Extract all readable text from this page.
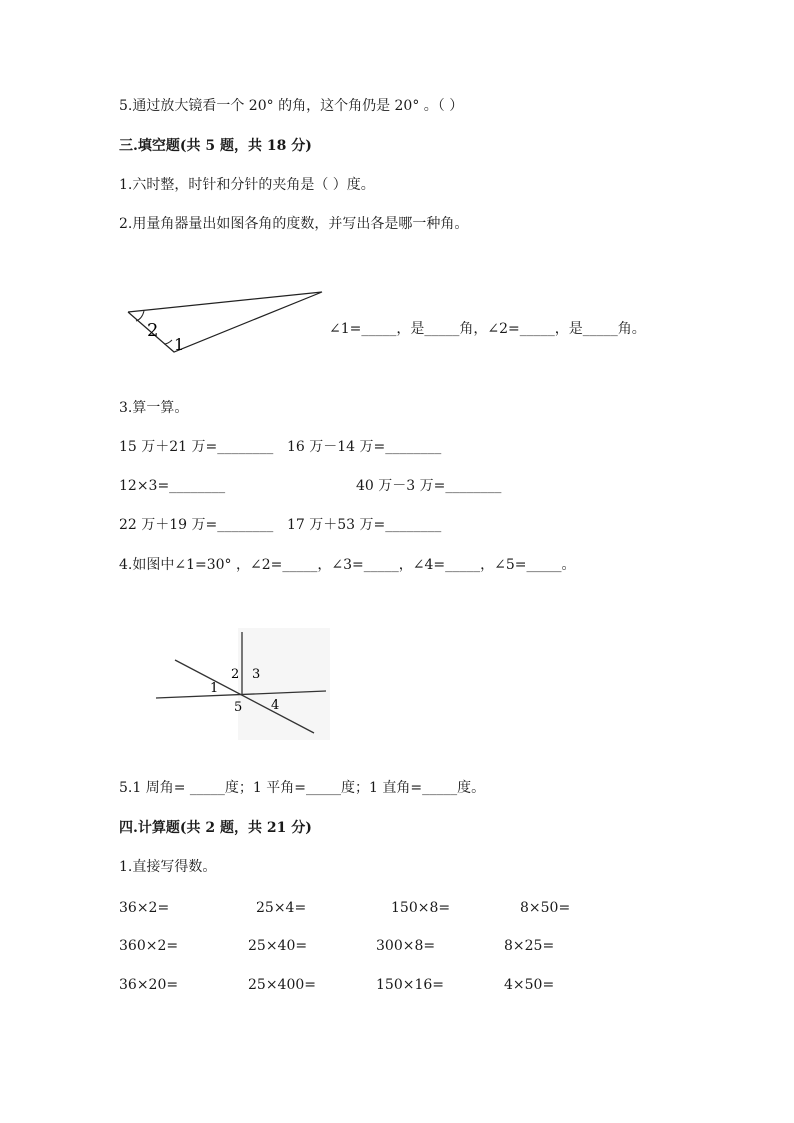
5.通过放大镜看一个 20° 的角，这个角仍是 20° 。（ ）
三.填空题(共 5 题，共 18 分)
1.六时整，时针和分针的夹角是（ ）度。
2.用量角器量出如图各角的度数，并写出各是哪一种角。
2
1
∠1=_____，是_____角，∠2=_____，是_____角。
3.算一算。
15 万＋21 万=________ 16 万－14 万=________
12×3=________	40 万－3 万=________
22 万＋19 万=________ 17 万＋53 万=________
4.如图中∠1=30° ，∠2=_____，∠3=_____，∠4=_____，∠5=_____。
1
2 3
4
5
5.1 周角= _____度；1 平角=_____度；1 直角=_____度。
四.计算题(共 2 题，共 21 分)
1.直接写得数。
36×2=	25×4=	150×8=	8×50=
360×2=	25×40=	300×8=	8×25=
36×20=	25×400=	150×16=	4×50=
